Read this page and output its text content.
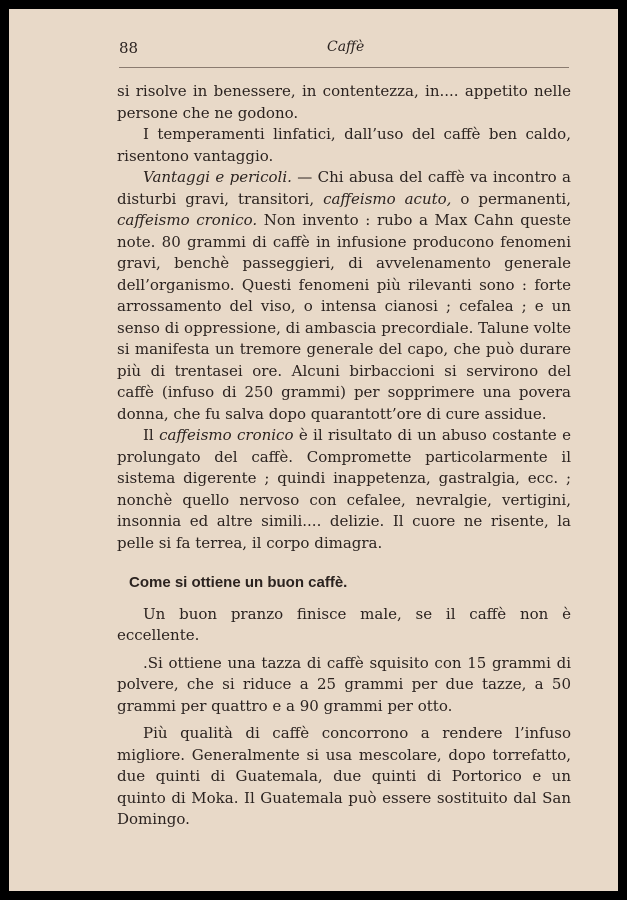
88	Caffè

si risolve in benessere, in contentezza, in.... appetito nelle persone che ne godono.

I temperamenti linfatici, dall’uso del caffè ben caldo, risentono vantaggio.

Vantaggi e pericoli. — Chi abusa del caffè va incontro a disturbi gravi, transitori, caffeismo acuto, o permanenti, caffeismo cronico. Non invento : rubo a Max Cahn queste note. 80 grammi di caffè in infusione producono fenomeni gravi, benchè passeggieri, di avvelenamento generale dell’organismo. Questi fenomeni più rilevanti sono : forte arrossamento del viso, o intensa cianosi ; cefalea ; e un senso di oppressione, di ambascia precordiale. Talune volte si manifesta un tremore generale del capo, che può durare più di trentasei ore. Alcuni birbaccioni si servirono del caffè (infuso di 250 grammi) per sopprimere una povera donna, che fu salva dopo quarantott’ore di cure assidue.

Il caffeismo cronico è il risultato di un abuso costante e prolungato del caffè. Compromette particolarmente il sistema digerente ; quindi inappetenza, gastralgia, ecc. ; nonchè quello nervoso con cefalee, nevralgie, vertigini, insonnia ed altre simili.... delizie. Il cuore ne risente, la pelle si fa terrea, il corpo dimagra.

Come si ottiene un buon caffè.

Un buon pranzo finisce male, se il caffè non è eccellente.

.Si ottiene una tazza di caffè squisito con 15 grammi di polvere, che si riduce a 25 grammi per due tazze, a 50 grammi per quattro e a 90 grammi per otto.

Più qualità di caffè concorrono a rendere l’infuso migliore. Generalmente si usa mescolare, dopo torrefatto, due quinti di Guatemala, due quinti di Portorico e un quinto di Moka. Il Guatemala può essere sostituito dal San Domingo.
